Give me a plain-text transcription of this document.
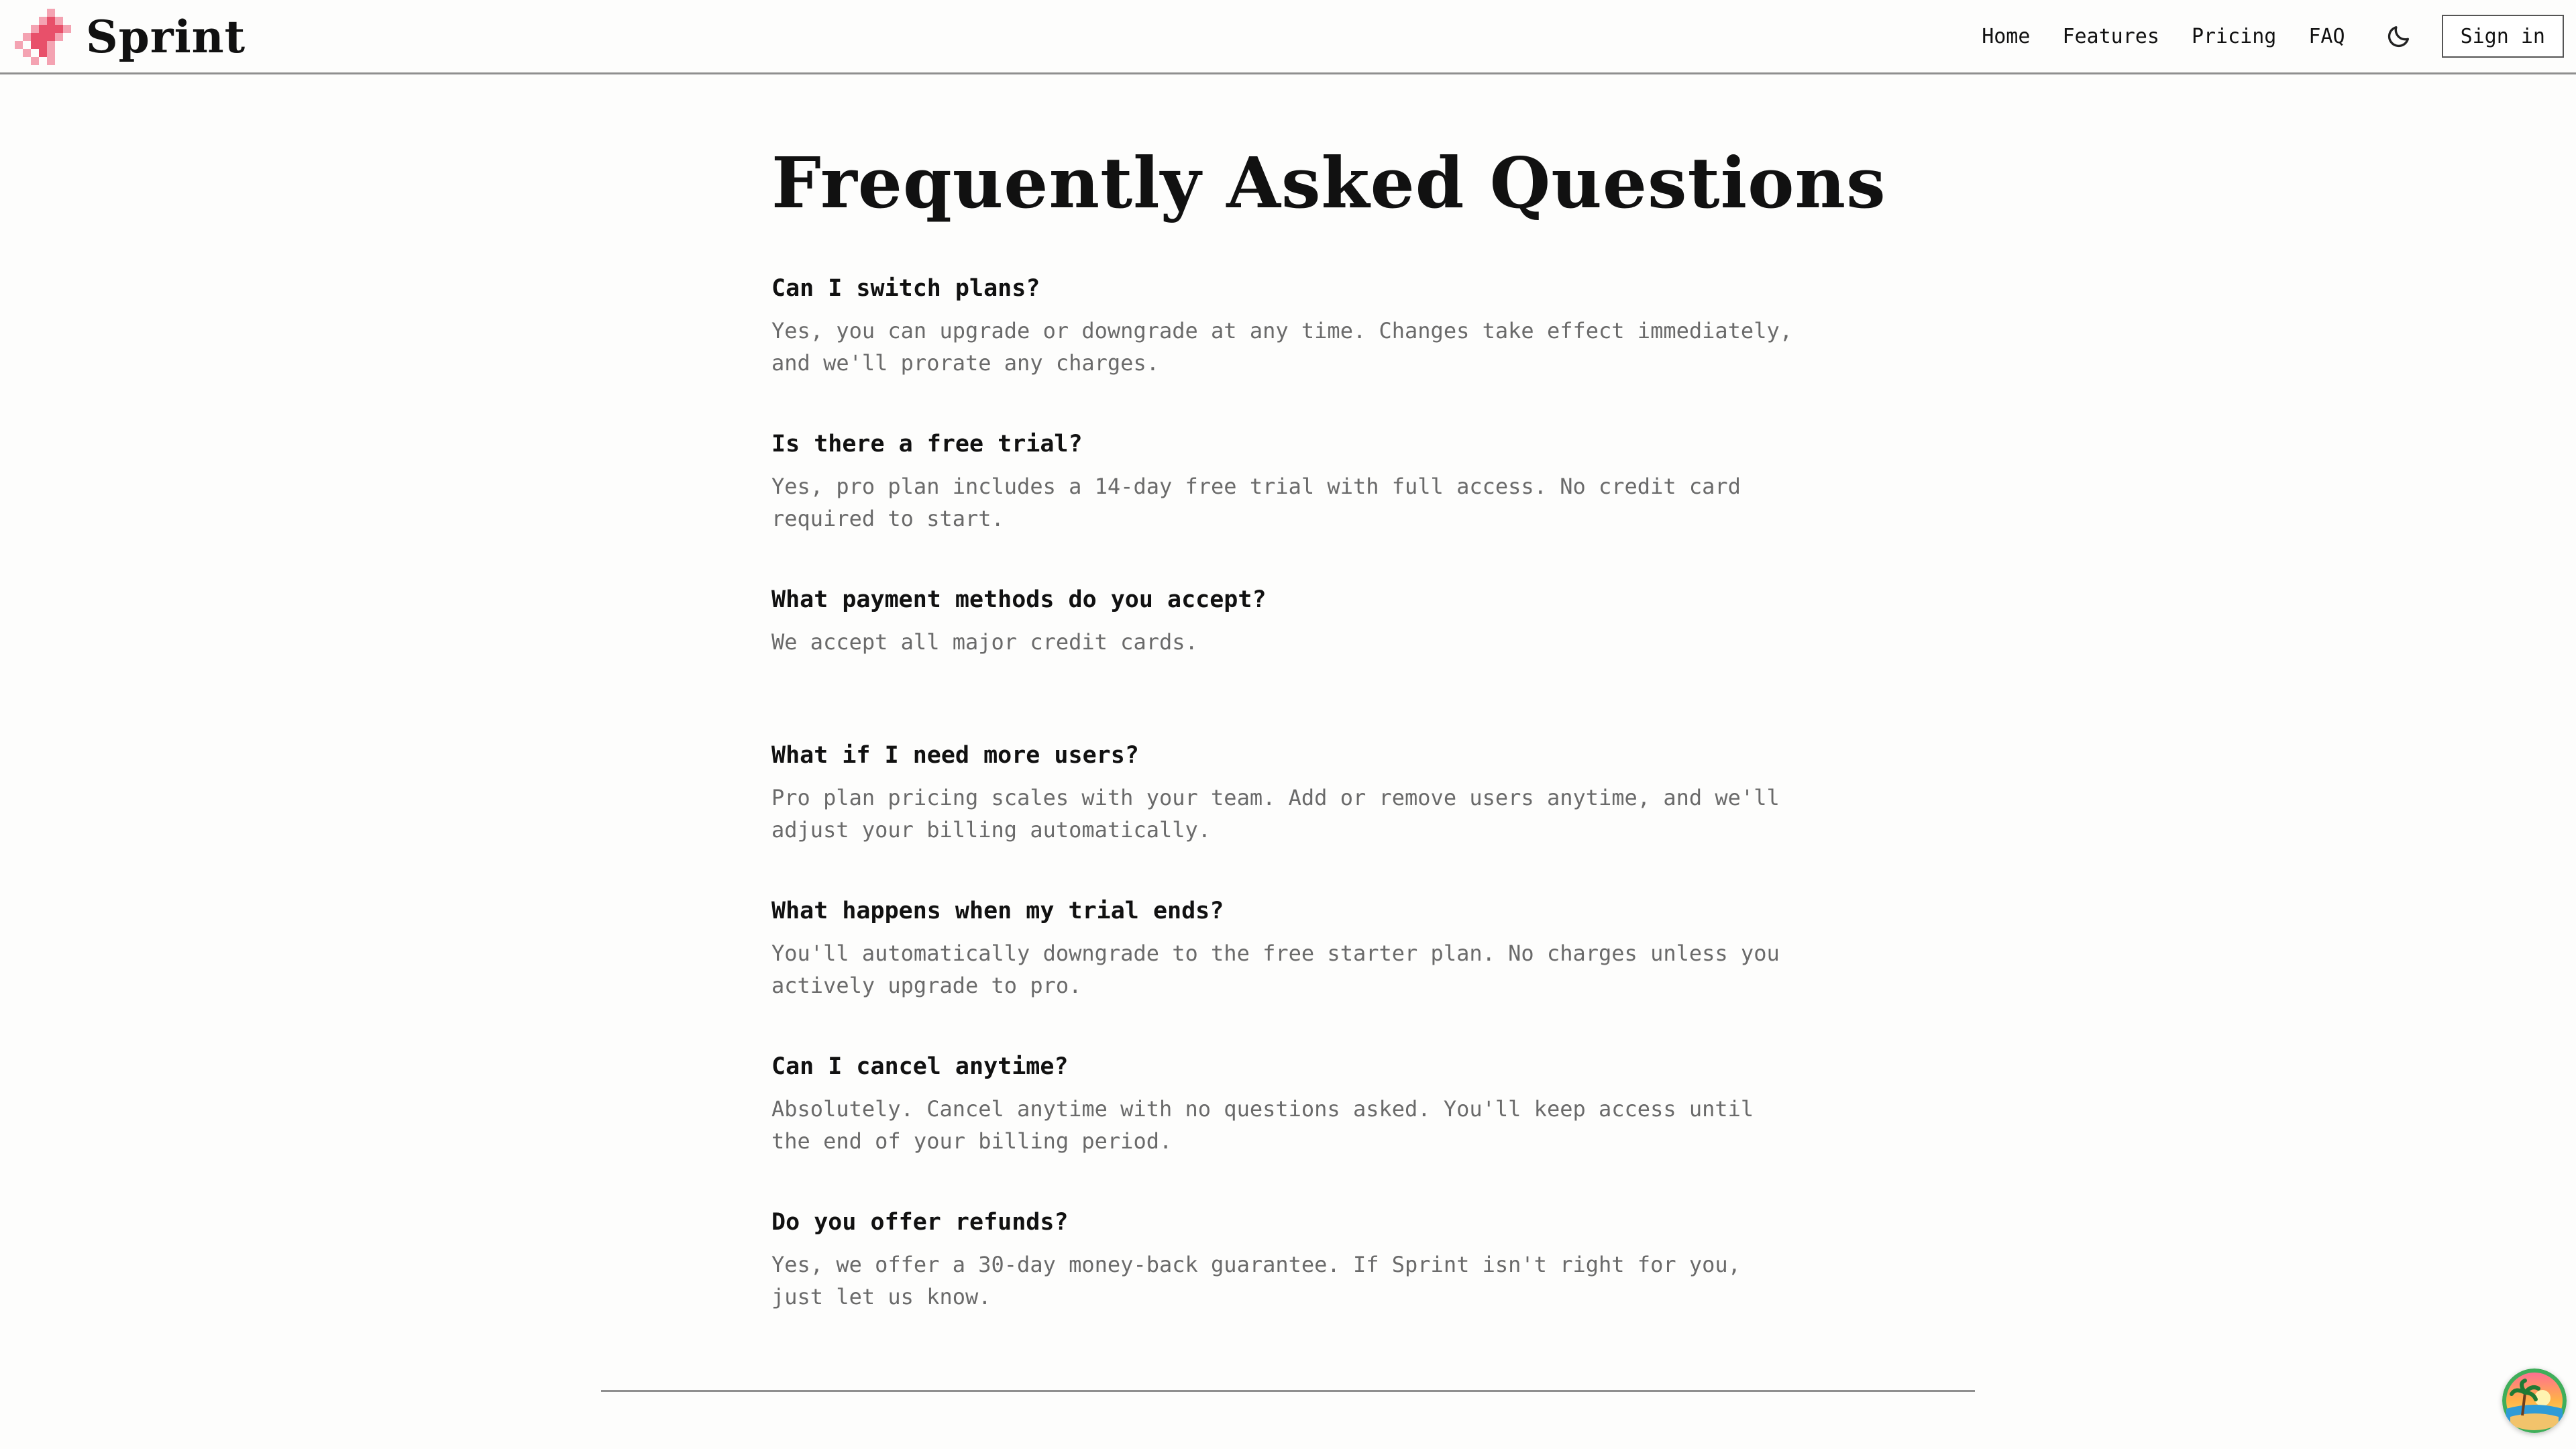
Sprint	Home Features Pricing FAQ	Sign in
Frequently Asked Questions
Can I switch plans?

Yes, you can upgrade or downgrade at any time. Changes take effect immediately, and we'll prorate any charges.

Is there a free trial?

Yes, pro plan includes a 14-day free trial with full access. No credit card required to start.

What payment methods do you accept?

We accept all major credit cards.

What if I need more users?

Pro plan pricing scales with your team. Add or remove users anytime, and we'll adjust your billing automatically.

What happens when my trial ends?

You'll automatically downgrade to the free starter plan. No charges unless you actively upgrade to pro.

Can I cancel anytime?

Absolutely. Cancel anytime with no questions asked. You'll keep access until the end of your billing period.

Do you offer refunds?

Yes, we offer a 30-day money-back guarantee. If Sprint isn't right for you, just let us know.
